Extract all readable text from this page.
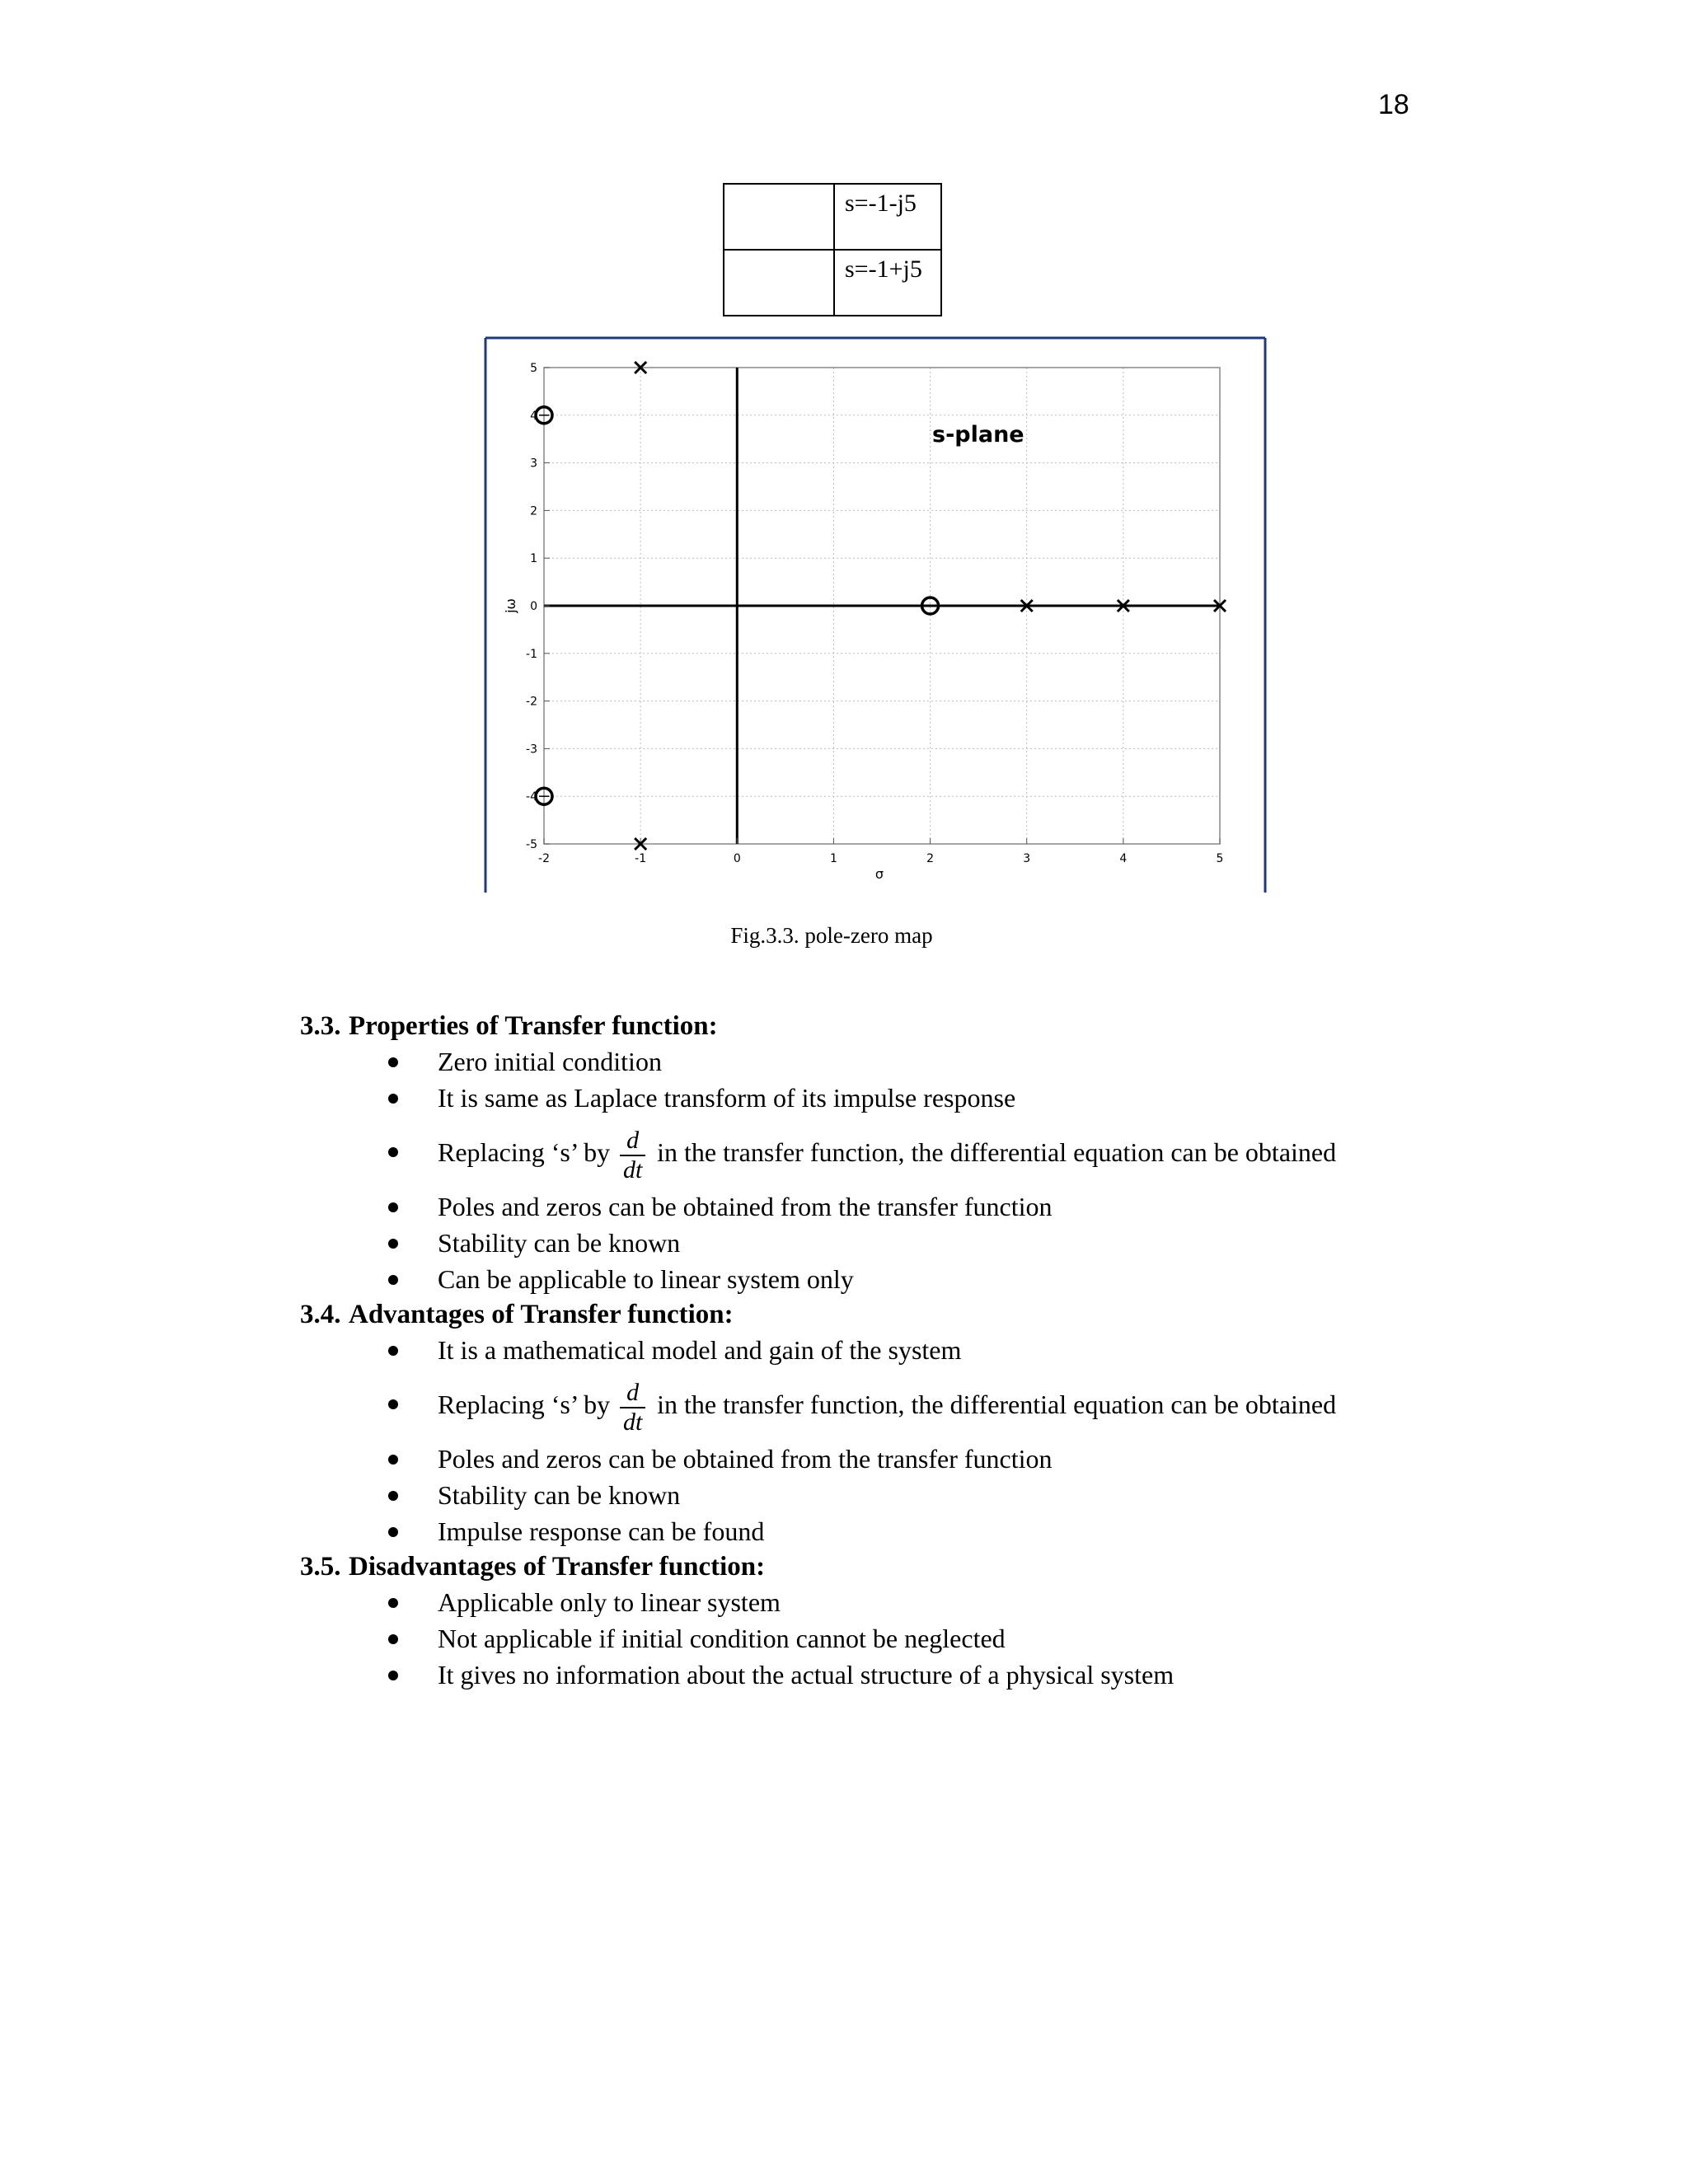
18
	s=-1-j5
	s=-1+j5
-2	-1	0	1	2	3	4	5
5
4
3
2
1
0
-1
-2
-3
-4
-5
s-plane
σ
jω
Fig.3.3. pole-zero map
3.3. Properties of Transfer function:
Zero initial condition
It is same as Laplace transform of its impulse response
Replacing ‘s’ by $\frac{d}{dt}$ in the transfer function, the differential equation can be obtained
Poles and zeros can be obtained from the transfer function
Stability can be known
Can be applicable to linear system only
3.4. Advantages of Transfer function:
It is a mathematical model and gain of the system
Replacing ‘s’ by $\frac{d}{dt}$ in the transfer function, the differential equation can be obtained
Poles and zeros can be obtained from the transfer function
Stability can be known
Impulse response can be found
3.5. Disadvantages of Transfer function:
Applicable only to linear system
Not applicable if initial condition cannot be neglected
It gives no information about the actual structure of a physical system
